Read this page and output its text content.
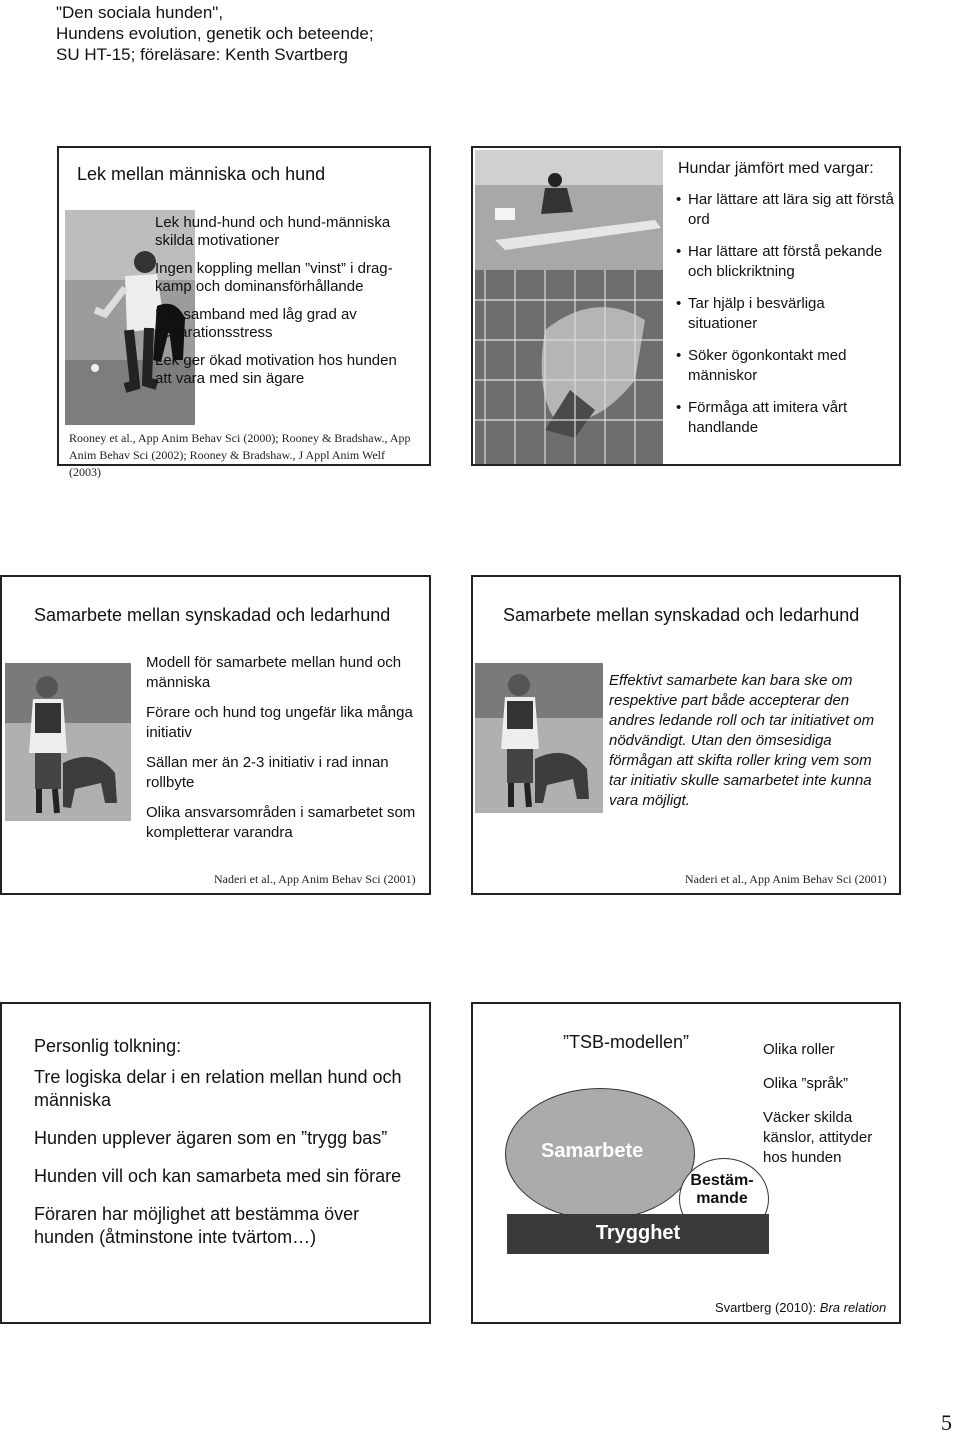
"Den sociala hunden",
Hundens evolution, genetik och beteende;
SU HT-15; föreläsare: Kenth Svartberg
Lek mellan människa och hund
Lek hund-hund och hund-människa skilda motivationer
Ingen koppling mellan ”vinst” i drag-kamp och dominansförhållande
Lek samband med låg grad av separationsstress
Lek ger ökad motivation hos hunden att vara med sin ägare
Rooney et al., App Anim Behav Sci (2000); Rooney & Bradshaw., App Anim Behav Sci (2002); Rooney & Bradshaw., J Appl Anim Welf (2003)
Hundar jämfört med vargar:
• Har lättare att lära sig att förstå ord
• Har lättare att förstå pekande och blickriktning
• Tar hjälp i besvärliga situationer
• Söker ögonkontakt med människor
• Förmåga att imitera vårt handlande
Samarbete mellan synskadad och ledarhund
Modell för samarbete mellan hund och människa
Förare och hund tog ungefär lika många initiativ
Sällan mer än 2-3 initiativ i rad innan rollbyte
Olika ansvarsområden i samarbetet som kompletterar varandra
Naderi et al., App Anim Behav Sci (2001)
Samarbete mellan synskadad och ledarhund
Effektivt samarbete kan bara ske om respektive part både accepterar den andres ledande roll och tar initiativet om nödvändigt. Utan den ömsesidiga förmågan att skifta roller kring vem som tar initiativ skulle samarbetet inte kunna vara möjligt.
Naderi et al., App Anim Behav Sci (2001)
Personlig tolkning:
Tre logiska delar i en relation mellan hund och människa
Hunden upplever ägaren som en ”trygg bas”
Hunden vill och kan samarbeta med sin förare
Föraren har möjlighet att bestämma över hunden (åtminstone inte tvärtom…)
”TSB-modellen”
Samarbete
Bestäm-mande
Trygghet
Olika roller
Olika ”språk”
Väcker skilda känslor, attityder hos hunden
Svartberg (2010): Bra relation
5
